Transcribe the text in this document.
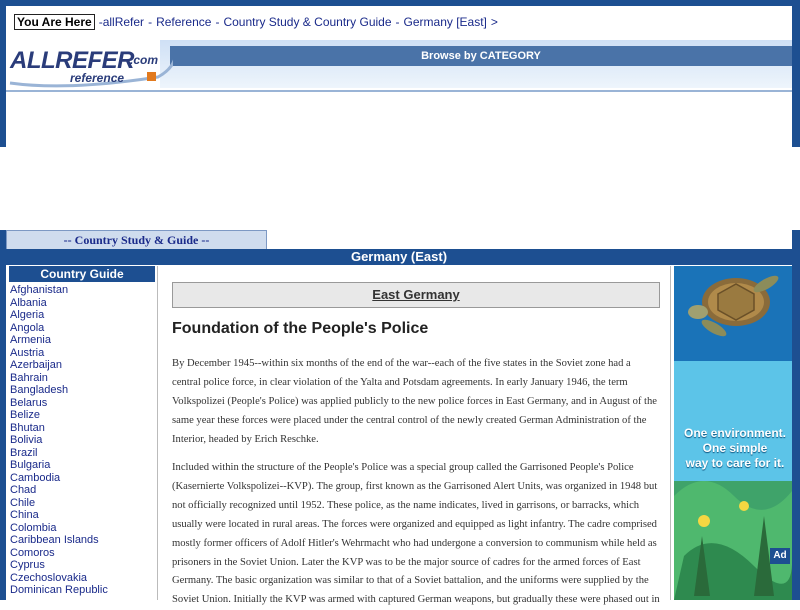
You Are Here -allRefer - Reference - Country Study & Country Guide - Germany [East] >
Browse by CATEGORY
ALLREFER
.com
reference
-- Country Study & Guide --
Germany (East)
Country Guide
Afghanistan
Albania
Algeria
Angola
Armenia
Austria
Azerbaijan
Bahrain
Bangladesh
Belarus
Belize
Bhutan
Bolivia
Brazil
Bulgaria
Cambodia
Chad
Chile
China
Colombia
Caribbean Islands
Comoros
Cyprus
Czechoslovakia
Dominican Republic
East Germany
Foundation of the People's Police

By December 1945--within six months of the end of the war--each of the five states in the Soviet zone had a central police force, in clear violation of the Yalta and Potsdam agreements. In early January 1946, the term Volkspolizei (People's Police) was applied publicly to the new police forces in East Germany, and in August of the same year these forces were placed under the central control of the newly created German Administration of the Interior, headed by Erich Reschke.

Included within the structure of the People's Police was a special group called the Garrisoned People's Police (Kasernierte Volkspolizei--KVP). The group, first known as the Garrisoned Alert Units, was organized in 1948 but not officially recognized until 1952. These police, as the name indicates, lived in garrisons, or barracks, which usually were located in rural areas. The forces were organized and equipped as light infantry. The cadre comprised mostly former officers of Adolf Hitler's Wehrmacht who had undergone a conversion to communism while held as prisoners in the Soviet Union. Later the KVP was to be the major source of cadres for the armed forces of East Germany. The basic organization was similar to that of a Soviet battalion, and the uniforms were supplied by the Soviet Union. Initially the KVP was armed with captured German weapons, but gradually these were phased out in

One environment.
One simple
way to care for it.
Ad
